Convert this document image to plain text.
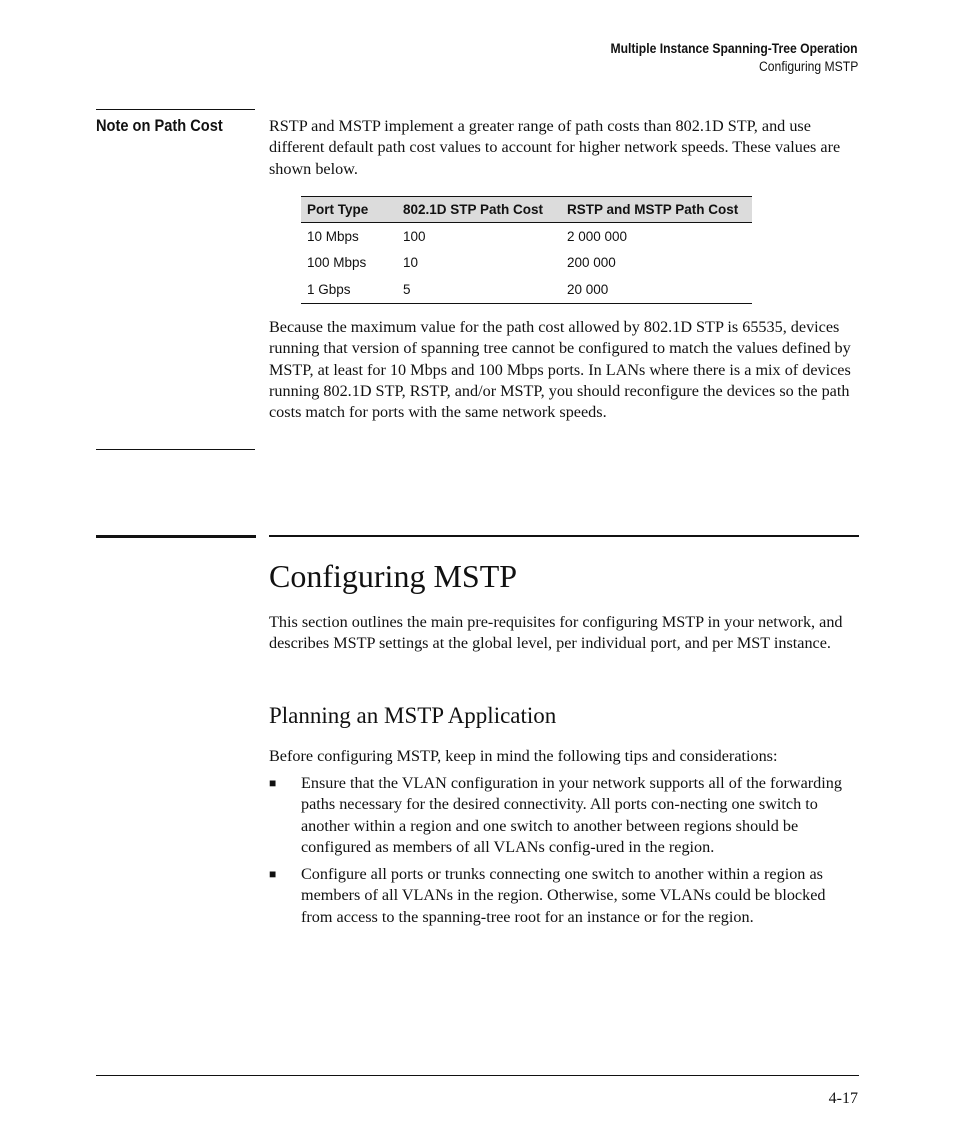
Multiple Instance Spanning-Tree Operation
Configuring MSTP
Note on Path Cost	RSTP and MSTP implement a greater range of path costs than 802.1D STP, and use different default path cost values to account for higher network speeds. These values are shown below.

Port Type	802.1D STP Path Cost	RSTP and MSTP Path Cost
10 Mbps	100	2 000 000
100 Mbps	10	200 000
1 Gbps	5	20 000

Because the maximum value for the path cost allowed by 802.1D STP is 65535, devices running that version of spanning tree cannot be configured to match the values defined by MSTP, at least for 10 Mbps and 100 Mbps ports. In LANs where there is a mix of devices running 802.1D STP, RSTP, and/or MSTP, you should reconfigure the devices so the path costs match for ports with the same network speeds.

Configuring MSTP

This section outlines the main pre-requisites for configuring MSTP in your network, and describes MSTP settings at the global level, per individual port, and per MST instance.

Planning an MSTP Application

Before configuring MSTP, keep in mind the following tips and considerations:

■ Ensure that the VLAN configuration in your network supports all of the forwarding paths necessary for the desired connectivity. All ports con-necting one switch to another within a region and one switch to another between regions should be configured as members of all VLANs config-ured in the region.
■ Configure all ports or trunks connecting one switch to another within a region as members of all VLANs in the region. Otherwise, some VLANs could be blocked from access to the spanning-tree root for an instance or for the region.
4-17
